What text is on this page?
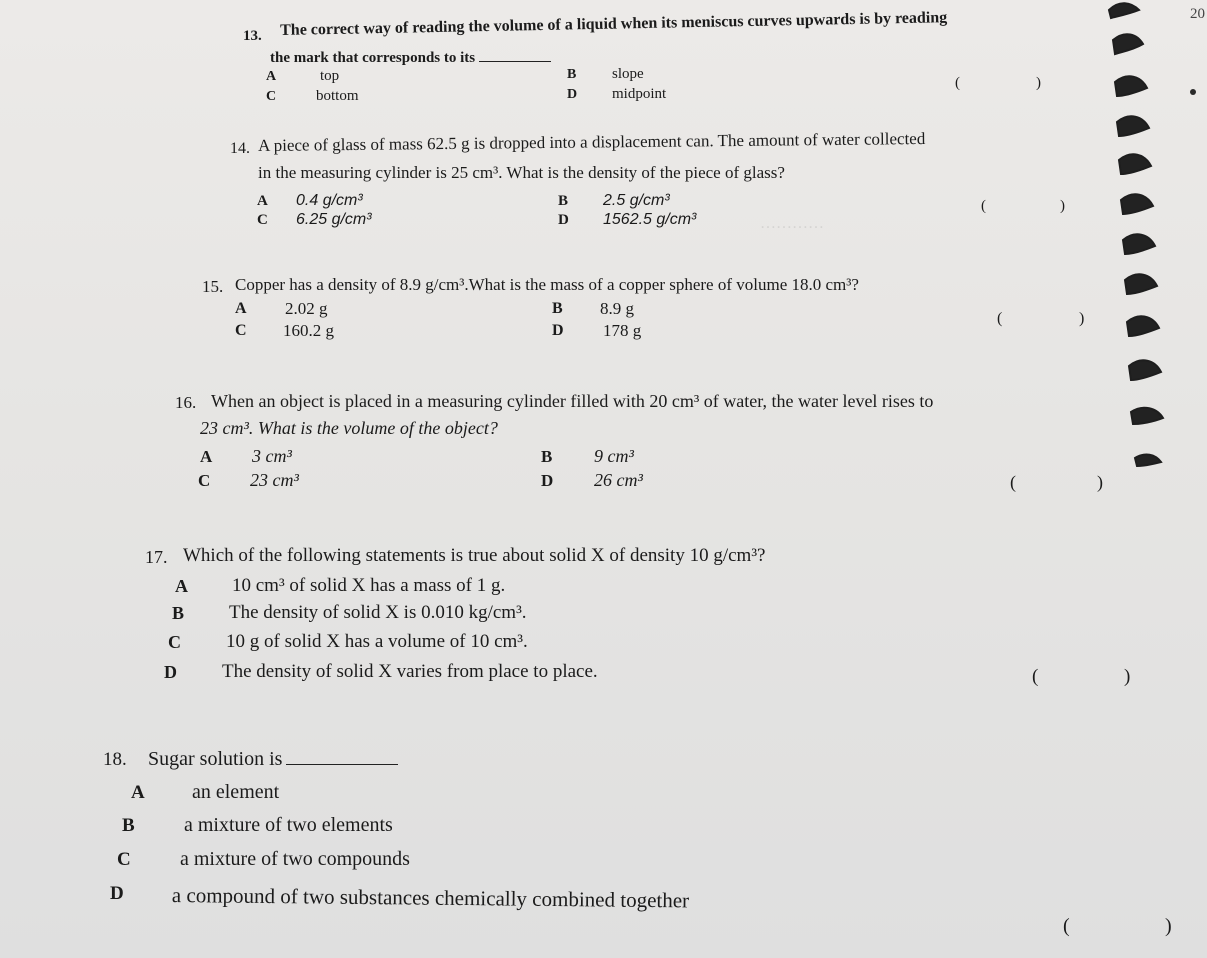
20
…………
13. The correct way of reading the volume of a liquid when its meniscus curves upwards is by reading
the mark that corresponds to its
A	top	B slope
C	bottom	D midpoint
(	)
14. A piece of glass of mass 62.5 g is dropped into a displacement can. The amount of water collected
in the measuring cylinder is 25 cm³. What is the density of the piece of glass?
A 0.4 g/cm³	B 2.5 g/cm³
C 6.25 g/cm³	D 1562.5 g/cm³
(	)
15. Copper has a density of 8.9 g/cm³.What is the mass of a copper sphere of volume 18.0 cm³?
A 2.02 g	B 8.9 g
C 160.2 g	D 178 g
(	)
16. When an object is placed in a measuring cylinder filled with 20 cm³ of water, the water level rises to
23 cm³. What is the volume of the object?
A 3 cm³	B 9 cm³
C 23 cm³	D 26 cm³	(	)
17. Which of the following statements is true about solid X of density 10 g/cm³?
A 10 cm³ of solid X has a mass of 1 g.
B The density of solid X is 0.010 kg/cm³.
C 10 g of solid X has a volume of 10 cm³.
D The density of solid X varies from place to place.	(	)
18. Sugar solution is
A an element
B a mixture of two elements
C a mixture of two compounds
D a compound of two substances chemically combined together
(	)
